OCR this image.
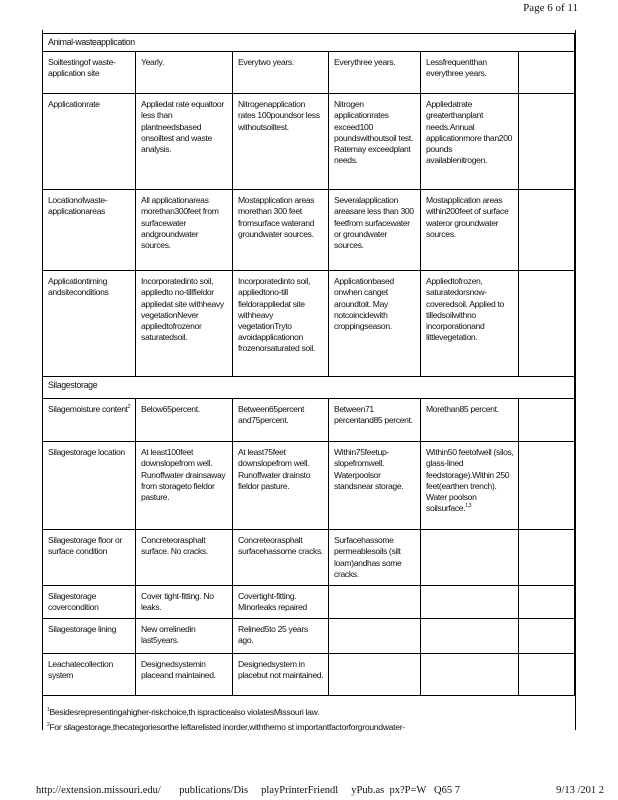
Page 6 of 11
Animal-wasteapplication					
Soiltestingof waste-application site	Yearly.	Everytwo years.	Everythree years.	Lessfrequentthan everythree years.	
Applicationrate	Appliedat rate equaltoor less than plantneedsbased onsoiltest and waste analysis.	Nitrogenapplication rates 100poundsor less withoutsoiltest.	Nitrogen applicationrates exceed100 poundswithoutsoil test. Ratemay exceedplant needs.	Appliedatrate greaterthanplant needs.Annual applicationmore than200 pounds availablenitrogen.	
Locationofwaste-applicationareas	All applicationareas morethan300feet from surfacewater andgroundwater sources.	Mostapplication areas morethan 300 feet fromsurface waterand groundwater sources.	Severalapplication areasare less than 300 feetfrom surfacewater or groundwater sources.	Mostapplication areas within200feet of surface wateror groundwater sources.	
Applicationtiming andsiteconditions	Incorporatedinto soil, appliedto no-tillfieldor appliedat site withheavy vegetationNever appliedtofrozenor saturatedsoil.	Incorporatedinto soil, appliedtono-till fieldorappliedat site withheavy vegetationTryto avoidapplicationon frozenorsaturated soil.	Applicationbased onwhen canget aroundtoit. May notcoincidewith croppingseason.	Appliedtofrozen, saturatedorsnow-coveredsoil. Applied to tilledsoilwithno incorporationand littlevegetation.	
Silagestorage					
Silagemoisture content$^2$	Below65percent.	Between65percent and75percent.	Between71 percentand85 percent.	Morethan85 percent.	
Silagestorage location	At least100feet downslopefrom well. Runoffwater drainsaway from storageto fieldor pasture.	At least75feet downslopefrom well. Runoffwater drainsto fieldor pasture.	Within75feetup-slopefromwell. Waterpoolsor standsnear storage.	Within50 feetofwell (silos, glass-lined feedstorage).Within 250 feet(earthen trench). Water poolson soilsurface.$^{1,3}$	
Silagestorage floor or surface condition	Concreteorasphalt surface. No cracks.	Concreteorasphalt surfacehassome cracks.	Surfacehassome permeablesoils (silt loam)andhas some cracks.		
Silagestorage covercondition	Cover tight-fitting. No leaks.	Covertight-fitting. Minorleaks repaired			
Silagestorage lining	New orrelinedin last5years.	Relined5to 25 years ago.			
Leachatecollection system	Designedsystemin placeand maintained.	Designedsystem in placebut not maintained.			
$^1$Besidesrepresentingahigher-riskchoice,th ispracticealso violatesMissouri law.
$^2$For silagestorage,thecategoriesorthe leftarelisted inorder,withthemo st importantfactorforgroundwater-
http://extension.missouri.edu/       publications/Dis     playPrinterFriendl     yPub.as  px?P=W   Q65 7	9/13 /201 2
